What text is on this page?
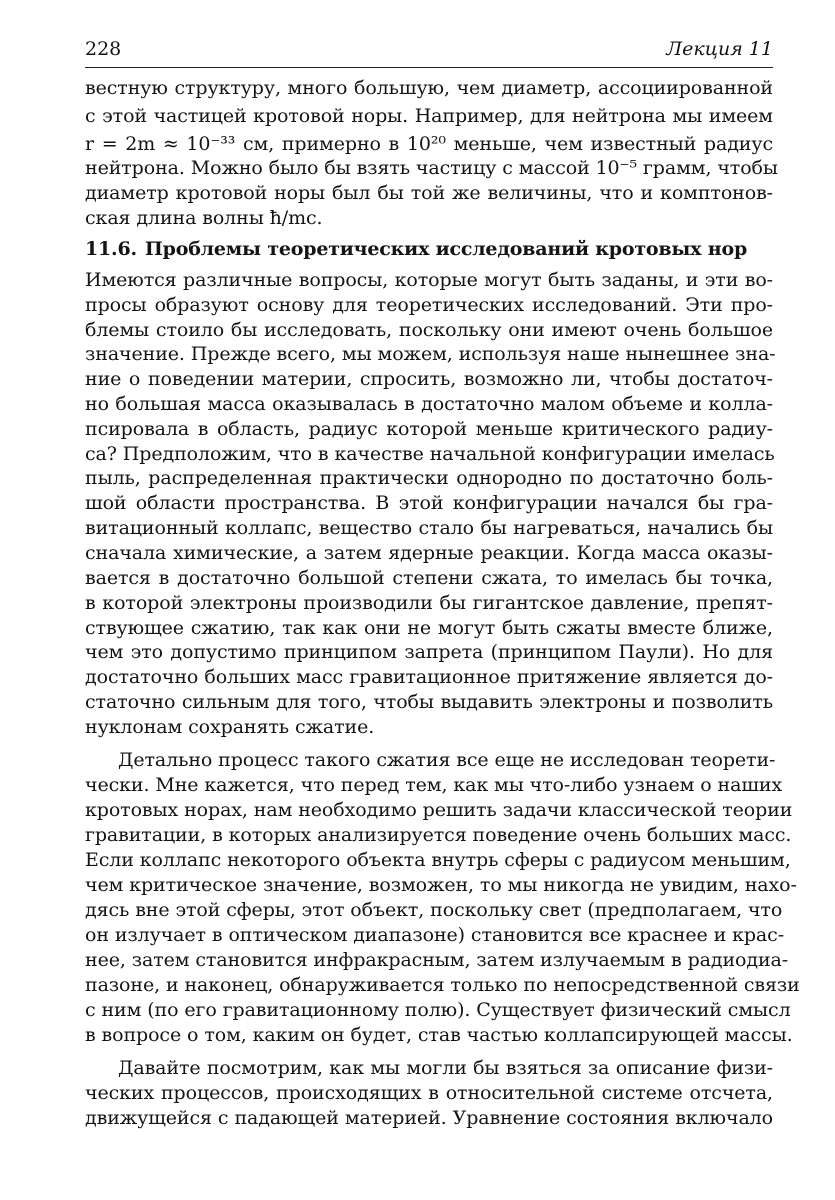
228	Лекция 11
вестную структуру, много большую, чем диаметр, ассоциированной
с этой частицей кротовой норы. Например, для нейтрона мы имеем
r = 2m ≈ 10⁻³³ см, примерно в 10²⁰ меньше, чем известный радиус
нейтрона. Можно было бы взять частицу с массой 10⁻⁵ грамм, чтобы
диаметр кротовой норы был бы той же величины, что и комптонов-
ская длина волны ħ/mc.
11.6. Проблемы теоретических исследований кротовых нор
Имеются различные вопросы, которые могут быть заданы, и эти во-
просы образуют основу для теоретических исследований. Эти про-
блемы стоило бы исследовать, поскольку они имеют очень большое
значение. Прежде всего, мы можем, используя наше нынешнее зна-
ние о поведении материи, спросить, возможно ли, чтобы достаточ-
но большая масса оказывалась в достаточно малом объеме и колла-
псировала в область, радиус которой меньше критического радиу-
са? Предположим, что в качестве начальной конфигурации имелась
пыль, распределенная практически однородно по достаточно боль-
шой области пространства. В этой конфигурации начался бы гра-
витационный коллапс, вещество стало бы нагреваться, начались бы
сначала химические, а затем ядерные реакции. Когда масса оказы-
вается в достаточно большой степени сжата, то имелась бы точка,
в которой электроны производили бы гигантское давление, препят-
ствующее сжатию, так как они не могут быть сжаты вместе ближе,
чем это допустимо принципом запрета (принципом Паули). Но для
достаточно больших масс гравитационное притяжение является до-
статочно сильным для того, чтобы выдавить электроны и позволить
нуклонам сохранять сжатие.
Детально процесс такого сжатия все еще не исследован теорети-
чески. Мне кажется, что перед тем, как мы что-либо узнаем о наших
кротовых норах, нам необходимо решить задачи классической теории
гравитации, в которых анализируется поведение очень больших масс.
Если коллапс некоторого объекта внутрь сферы с радиусом меньшим,
чем критическое значение, возможен, то мы никогда не увидим, нахо-
дясь вне этой сферы, этот объект, поскольку свет (предполагаем, что
он излучает в оптическом диапазоне) становится все краснее и крас-
нее, затем становится инфракрасным, затем излучаемым в радиодиа-
пазоне, и наконец, обнаруживается только по непосредственной связи
с ним (по его гравитационному полю). Существует физический смысл
в вопросе о том, каким он будет, став частью коллапсирующей массы.
Давайте посмотрим, как мы могли бы взяться за описание физи-
ческих процессов, происходящих в относительной системе отсчета,
движущейся с падающей материей. Уравнение состояния включало
